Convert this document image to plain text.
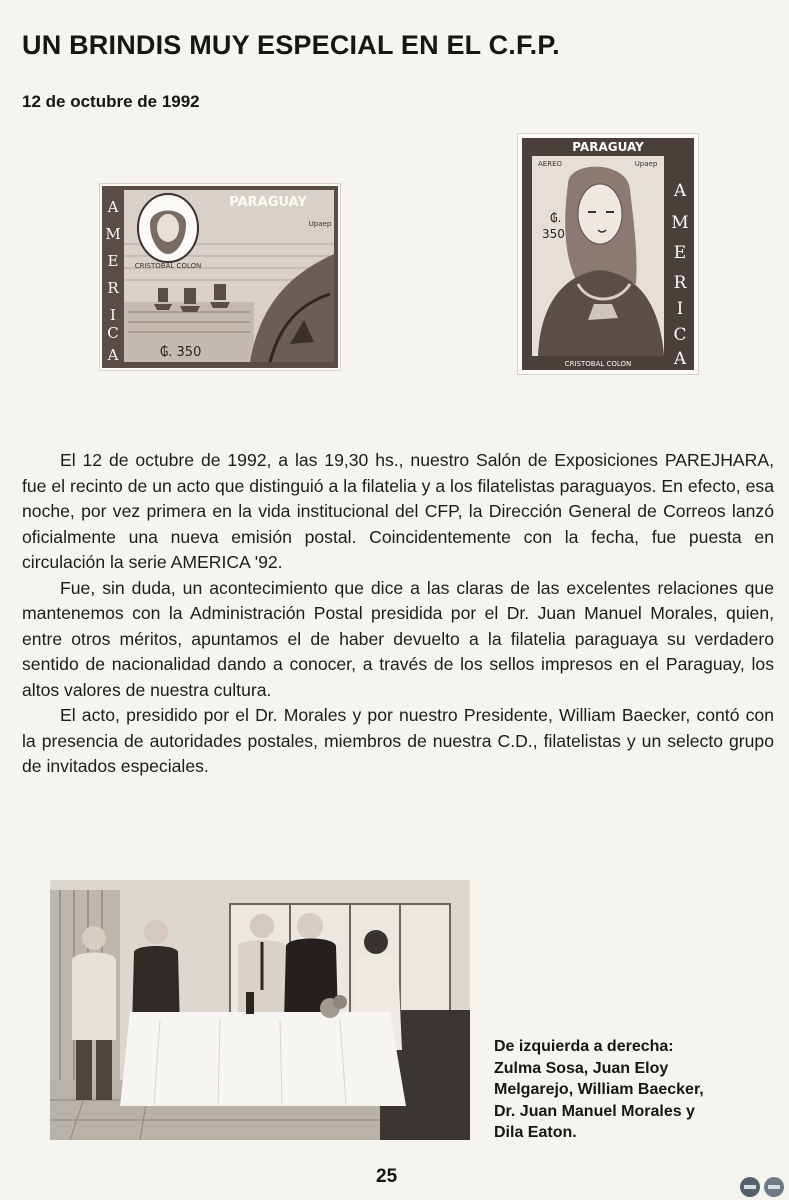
UN BRINDIS MUY ESPECIAL EN EL C.F.P.
12 de octubre de 1992
A
M
E
R
I
C
A
PARAGUAY
Upaep
CRISTOBAL COLON
₲. 350
A
M
E
R
I
C
A
PARAGUAY
AEREO	Upaep
₲.
350
CRISTOBAL COLON

El 12 de octubre de 1992, a las 19,30 hs., nuestro Salón de Exposiciones PAREJHARA, fue el recinto de un acto que distinguió a la filatelia y a los filatelistas paraguayos. En efecto, esa noche, por vez primera en la vida institucional del CFP, la Dirección General de Correos lanzó oficialmente una nueva emisión postal. Coincidentemente con la fecha, fue puesta en circulación la serie AMERICA '92.

Fue, sin duda, un acontecimiento que dice a las claras de las excelentes relaciones que mantenemos con la Administración Postal presidida por el Dr. Juan Manuel Morales, quien, entre otros méritos, apuntamos el de haber devuelto a la filatelia paraguaya su verdadero sentido de nacionalidad dando a conocer, a través de los sellos impresos en el Paraguay, los altos valores de nuestra cultura.

El acto, presidido por el Dr. Morales y por nuestro Presidente, William Baecker, contó con la presencia de autoridades postales, miembros de nuestra C.D., filatelistas y un selecto grupo de invitados especiales.

De izquierda a derecha:
Zulma Sosa, Juan Eloy
Melgarejo, William Baecker,
Dr. Juan Manuel Morales y
Dila Eaton.
25
